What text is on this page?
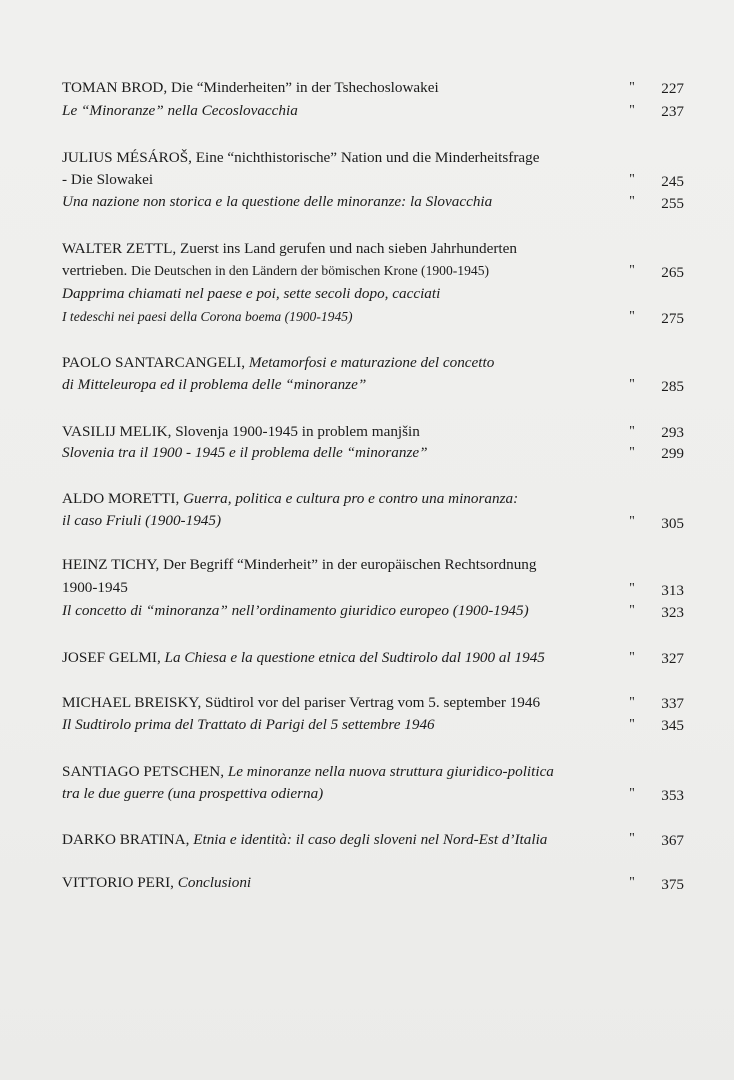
TOMAN BROD, Die “Minderheiten” in der Tshechoslowakei	"	227
Le “Minoranze” nella Cecoslovacchia	"	237
JULIUS MÉSÁROŠ, Eine “nichthistorische” Nation und die Minderheitsfrage
- Die Slowakei	"	245
Una nazione non storica e la questione delle minoranze: la Slovacchia	"	255
WALTER ZETTL, Zuerst ins Land gerufen und nach sieben Jahrhunderten
vertrieben. Die Deutschen in den Ländern der bömischen Krone (1900-1945)	"	265
Dapprima chiamati nel paese e poi, sette secoli dopo, cacciati
I tedeschi nei paesi della Corona boema (1900-1945)	"	275
PAOLO SANTARCANGELI, Metamorfosi e maturazione del concetto
di Mitteleuropa ed il problema delle “minoranze”	"	285
VASILIJ MELIK, Slovenja 1900-1945 in problem manjšin	"	293
Slovenia tra il 1900 - 1945 e il problema delle “minoranze”	"	299
ALDO MORETTI, Guerra, politica e cultura pro e contro una minoranza:
il caso Friuli (1900-1945)	"	305
HEINZ TICHY, Der Begriff “Minderheit” in der europäischen Rechtsordnung
1900-1945	"	313
Il concetto di “minoranza” nell’ordinamento giuridico europeo (1900-1945)	"	323
JOSEF GELMI, La Chiesa e la questione etnica del Sudtirolo dal 1900 al 1945	"	327
MICHAEL BREISKY, Südtirol vor del pariser Vertrag vom 5. september 1946	"	337
Il Sudtirolo prima del Trattato di Parigi del 5 settembre 1946	"	345
SANTIAGO PETSCHEN, Le minoranze nella nuova struttura giuridico-politica
tra le due guerre (una prospettiva odierna)	"	353
DARKO BRATINA, Etnia e identità: il caso degli sloveni nel Nord-Est d’Italia	"	367
VITTORIO PERI, Conclusioni	"	375
